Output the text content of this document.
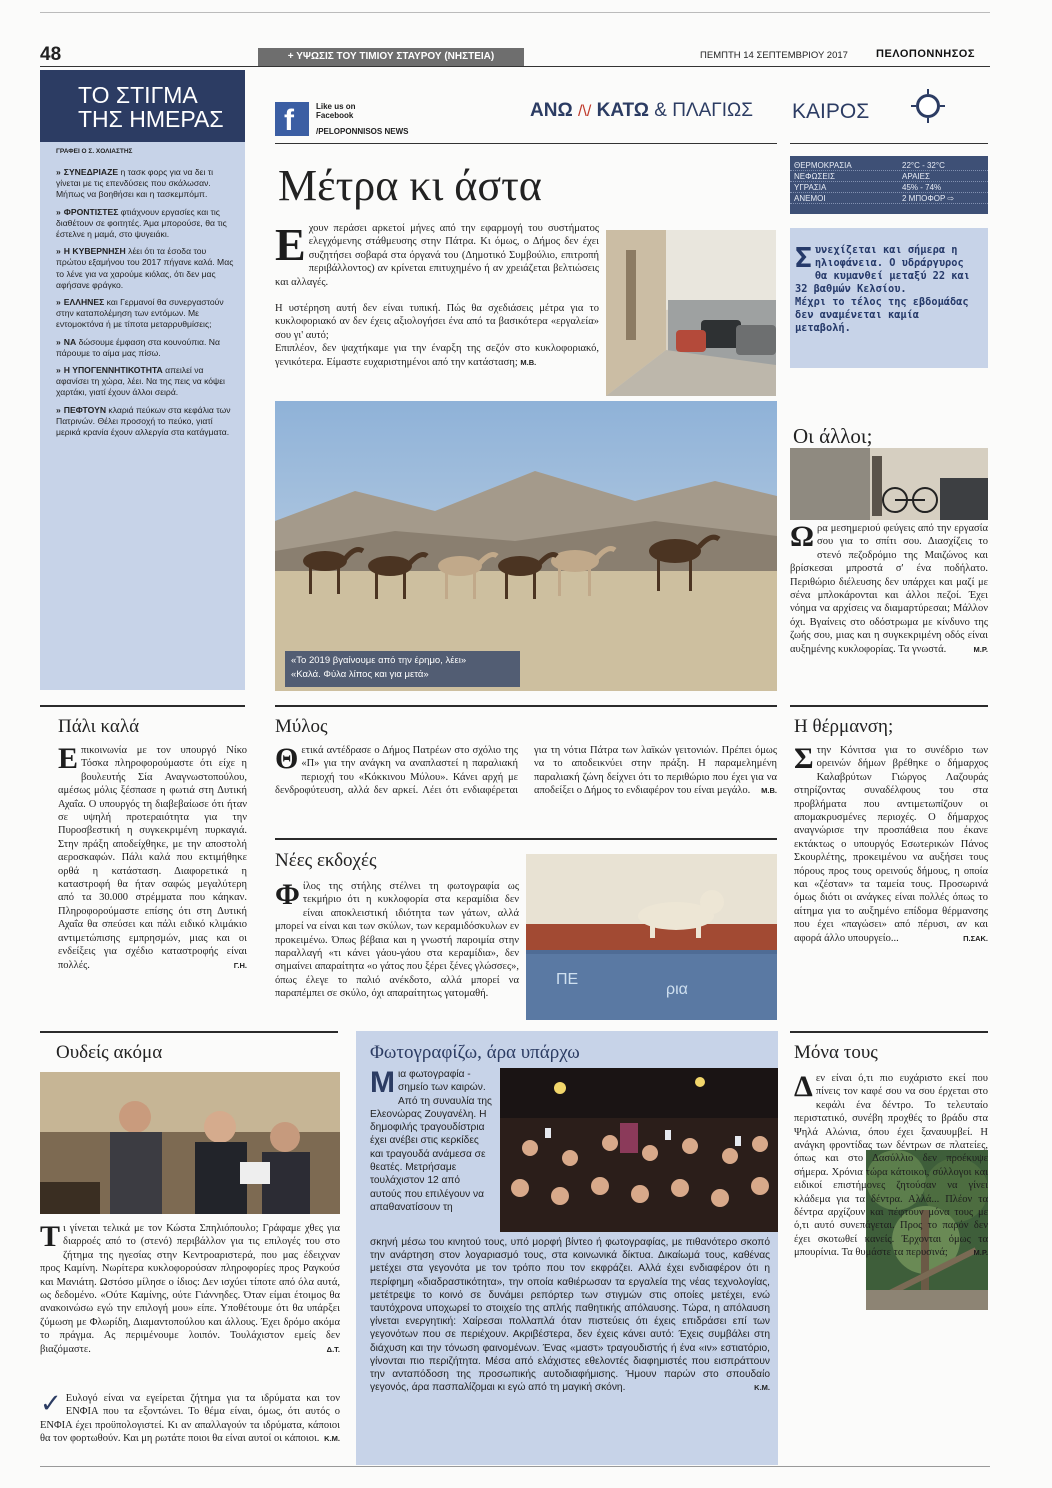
48	+ ΥΨΩΣΙΣ ΤΟΥ ΤΙΜΙΟΥ ΣΤΑΥΡΟΥ (ΝΗΣΤΕΙΑ)	ΠΕΜΠΤΗ 14 ΣΕΠΤΕΜΒΡΙΟΥ 2017	ΠΕΛΟΠΟΝΝΗΣΟΣ
ΤΟ ΣΤΙΓΜΑ
ΤΗΣ ΗΜΕΡΑΣ
ΓΡΑΦΕΙ Ο Σ. ΧΟΛΙΑΣΤΗΣ
» ΣΥΝΕΔΡΙΑΖΕ η τασκ φορς για να δει τι γίνεται με τις επενδύσεις που σκάλωσαν. Μήπως να βοηθήσει και η τασκεμπόμπ.
» ΦΡΟΝΤΙΣΤΕΣ φτιάχνουν εργασίες και τις διαθέτουν σε φοιτητές. Άμα μπορούσε, θα τις έστελνε η μαμά, στο ψυγειάκι.
» Η ΚΥΒΕΡΝΗΣΗ λέει ότι τα έσοδα του πρώτου εξαμήνου του 2017 πήγανε καλά. Μας το λένε για να χαρούμε κιόλας, ότι δεν μας αφήσανε φράγκο.
» ΕΛΛΗΝΕΣ και Γερμανοί θα συνεργαστούν στην καταπολέμηση των εντόμων. Με εντομοκτόνα ή με τίποτα μεταρρυθμίσεις;
» ΝΑ δώσουμε έμφαση στα κουνούπια. Να πάρουμε το αίμα μας πίσω.
» Η ΥΠΟΓΕΝΝΗΤΙΚΟΤΗΤΑ απειλεί να αφανίσει τη χώρα, λέει. Να της πεις να κόψει χαρτάκι, γιατί έχουν άλλοι σειρά.
» ΠΕΦΤΟΥΝ κλαριά πεύκων στα κεφάλια των Πατρινών. Θέλει προσοχή το πεύκο, γιατί μερικά κρανία έχουν αλλεργία στα κατάγματα.
f	Like us on
Facebook
/PELOPONNISOS NEWS
ΑΝΩ /\/ ΚΑΤΩ & ΠΛΑΓΙΩΣ
Μέτρα κι άστα
Εχουν περάσει αρκετοί μήνες από την εφαρμογή του συστήματος ελεγχόμενης στάθμευσης στην Πάτρα. Κι όμως, ο Δήμος δεν έχει συζητήσει σοβαρά στα όργανά του (Δημοτικό Συμβούλιο, επιτροπή περιβάλλοντος) αν κρίνεται επιτυχημένο ή αν χρειάζεται βελτιώσεις και αλλαγές.
Η υστέρηση αυτή δεν είναι τυπική. Πώς θα σχεδιάσεις μέτρα για το κυκλοφοριακό αν δεν έχεις αξιολογήσει ένα από τα βασικότερα «εργαλεία» σου γι' αυτό;
Επιπλέον, δεν ψαχτήκαμε για την έναρξη της σεζόν στο κυκλοφοριακό, γενικότερα. Είμαστε ευχαριστημένοι από την κατάσταση; Μ.Β.
«Το 2019 βγαίνουμε από την έρημο, λέει»
«Καλά. Φύλα λίπος και για μετά»
ΚΑΙΡΟΣ
ΘΕΡΜΟΚΡΑΣΙΑ	22°C - 32°C
ΝΕΦΩΣΕΙΣ	ΑΡΑΙΕΣ
ΥΓΡΑΣΙΑ	45% - 74%
ΑΝΕΜΟΙ	2 ΜΠΟΦΟΡ ⇨
Συνεχίζεται και σήμερα η ηλιοφάνεια. Ο υδράργυρος θα κυμανθεί μεταξύ 22 και 32 βαθμών Κελσίου.
Μέχρι το τέλος της εβδομάδας δεν αναμένεται καμία μεταβολή.
Οι άλλοι;
Ωρα μεσημεριού φεύγεις από την εργασία σου για το σπίτι σου. Διασχίζεις το στενό πεζοδρόμιο της Μαιζώνος και βρίσκεσαι μπροστά σ' ένα ποδήλατο. Περιθώριο διέλευσης δεν υπάρχει και μαζί με σένα μπλοκάρονται και άλλοι πεζοί. Έχει νόημα να αρχίσεις να διαμαρτύρεσαι; Μάλλον όχι. Βγαίνεις στο οδόστρωμα με κίνδυνο της ζωής σου, μιας και η συγκεκριμένη οδός είναι αυξημένης κυκλοφορίας. Τα γνωστά.	Μ.Ρ.
Πάλι καλά
Επικοινωνία με τον υπουργό Νίκο Τόσκα πληροφορούμαστε ότι είχε η βουλευτής Σία Αναγνωστοπούλου, αμέσως μόλις ξέσπασε η φωτιά στη Δυτική Αχαΐα. Ο υπουργός τη διαβεβαίωσε ότι ήταν σε υψηλή προτεραιότητα για την Πυροσβεστική η συγκεκριμένη πυρκαγιά. Στην πράξη αποδείχθηκε, με την αποστολή αεροσκαφών. Πάλι καλά που εκτιμήθηκε ορθά η κατάσταση. Διαφορετικά η καταστροφή θα ήταν σαφώς μεγαλύτερη από τα 30.000 στρέμματα που κάηκαν. Πληροφορούμαστε επίσης ότι στη Δυτική Αχαΐα θα σπεύσει και πάλι ειδικό κλιμάκιο αντιμετώπισης εμπρησμών, μιας και οι ενδείξεις για σχέδιο καταστροφής είναι πολλές.	Γ.Η.
Μύλος
Θετικά αντέδρασε ο Δήμος Πατρέων στο σχόλιο της «Π» για την ανάγκη να αναπλαστεί η παραλιακή περιοχή του «Κόκκινου Μύλου». Κάνει αρχή με δενδροφύτευση, αλλά δεν αρκεί. Λέει ότι ενδιαφέρεται για τη νότια Πάτρα των λαϊκών γειτονιών. Πρέπει όμως να το αποδεικνύει στην πράξη. Η παραμελημένη παραλιακή ζώνη δείχνει ότι το περιθώριο που έχει για να αποδείξει ο Δήμος το ενδιαφέρον του είναι μεγάλο. Μ.Β.
Νέες εκδοχές
Φίλος της στήλης στέλνει τη φωτογραφία ως τεκμήριο ότι η κυκλοφορία στα κεραμίδια δεν είναι αποκλειστική ιδιότητα των γάτων, αλλά μπορεί να είναι και των σκύλων, των κεραμιδόσκυλων εν προκειμένω. Όπως βέβαια και η γνωστή παροιμία στην παραλλαγή «τι κάνει γάου-γάου στα κεραμίδια», δεν σημαίνει απαραίτητα «ο γάτος που ξέρει ξένες γλώσσες», όπως έλεγε το παλιό ανέκδοτο, αλλά μπορεί να παραπέμπει σε σκύλο, όχι απαραίτητως γατομαθή.
ΠΕ
ρια
Η θέρμανση;
Στην Κόνιτσα για το συνέδριο των ορεινών δήμων βρέθηκε ο δήμαρχος Καλαβρύτων Γιώργος Λαζουράς στηρίζοντας συναδέλφους του στα προβλήματα που αντιμετωπίζουν οι απομακρυσμένες περιοχές. Ο δήμαρχος αναγνώρισε την προσπάθεια που έκανε εκτάκτως ο υπουργός Εσωτερικών Πάνος Σκουρλέτης, προκειμένου να αυξήσει τους πόρους προς τους ορεινούς δήμους, η οποία και «ζέσταν» τα ταμεία τους. Προσωρινά όμως διότι οι ανάγκες είναι πολλές όπως το αίτημα για το αυξημένο επίδομα θέρμανσης που έχει «παγώσει» από πέρυσι, αν και αφορά άλλο υπουργείο...	Π.ΣΑΚ.
Ουδείς ακόμα
Τι γίνεται τελικά με τον Κώστα Σπηλιόπουλο; Γράφαμε χθες για διαρροές από το (στενό) περιβάλλον για τις επιλογές του στο ζήτημα της ηγεσίας στην Κεντροαριστερά, που μας έδειχναν προς Καμίνη. Νωρίτερα κυκλοφορούσαν πληροφορίες προς Ραγκούσ και Μανιάτη. Ωστόσο μίλησε ο ίδιος: Δεν ισχύει τίποτε από όλα αυτά, ως δεδομένο. «Ούτε Καμίνης, ούτε Γιάννηδες. Όταν είμαι έτοιμος θα ανακοινώσω εγώ την επιλογή μου» είπε. Υποθέτουμε ότι θα υπάρξει ζύμωση με Φλωρίδη, Διαμαντοπούλου και άλλους. Έχει δρόμο ακόμα το πράγμα. Ας περιμένουμε λοιπόν. Τουλάχιστον εμείς δεν βιαζόμαστε.	Δ.Τ.
✓ Ευλογό είναι να εγείρεται ζήτημα για τα ιδρύματα και τον ΕΝΦΙΑ που τα εξοντώνει. Το θέμα είναι, όμως, ότι αυτός ο ΕΝΦΙΑ έχει προϋπολογιστεί. Κι αν απαλλαγούν τα ιδρύματα, κάποιοι θα τον φορτωθούν. Και μη ρωτάτε ποιοι θα είναι αυτοί οι κάποιοι. Κ.Μ.
Φωτογραφίζω, άρα υπάρχω
Μια φωτογραφία - σημείο των καιρών. Από τη συναυλία της Ελεονώρας Ζουγανέλη. Η δημοφιλής τραγουδίστρια έχει ανέβει στις κερκίδες και τραγουδά ανάμεσα σε θεατές. Μετρήσαμε τουλάχιστον 12 από αυτούς που επιλέγουν να απαθανατίσουν τη
Μόνα τους
Δεν είναι ό,τι πιο ευχάριστο εκεί που πίνεις τον καφέ σου να σου έρχεται στο κεφάλι ένα δέντρο. Το τελευταίο περιστατικό, συνέβη προχθές το βράδυ στα Ψηλά Αλώνια, όπου έχει ξαναυυμβεί. Η ανάγκη φροντίδας των δέντρων σε πλατείες, όπως και στο Δασύλλιο δεν προέκυψε σήμερα. Χρόνια τώρα κάτοικοι, σύλλογοι και ειδικοί επιστήμονες ζητούσαν να γίνει κλάδεμα για τα δέντρα. Αλλά... Πλέον τα δέντρα αρχίζουν και πέφτουν μόνα τους με ό,τι αυτό συνεπάγεται. Προς το παρόν δεν έχει σκοτωθεί κανείς. Έρχονται όμως τα μπουρίνια. Τα θυμάστε τα περυσινά;	Μ.Ρ.
σκηνή μέσω του κινητού τους, υπό μορφή βίντεο ή φωτογραφίας, με πιθανότερο σκοπό την ανάρτηση στον λογαριασμό τους, στα κοινωνικά δίκτυα. Δικαίωμά τους, καθένας μετέχει στα γεγονότα με τον τρόπο που τον εκφράζει. Αλλά έχει ενδιαφέρον ότι η περίφημη «διαδραστικότητα», την οποία καθιέρωσαν τα εργαλεία της νέας τεχνολογίας, μετέτρεψε το κοινό σε δυνάμει ρεπόρτερ των στιγμών στις οποίες μετέχει, ενώ ταυτόχρονα υποχωρεί το στοιχείο της απλής παθητικής απόλαυσης. Τώρα, η απόλαυση γίνεται ενεργητική: Χαίρεσαι πολλαπλά όταν πιστεύεις ότι έχεις επιδράσει επί των γεγονότων που σε περιέχουν. Ακριβέστερα, δεν έχεις κάνει αυτό: Έχεις συμβάλει στη διάχυση και την τόνωση φαινομένων. Ένας «μαστ» τραγουδιστής ή ένα «ιν» εστιατόριο, γίνονται πιο περιζήτητα. Μέσα από ελάχιστες εθελοντές διαφημιστές που εισπράττουν την ανταπόδοση της προσωπικής αυτοδιαφήμισης. Ήμουν παρών στο σπουδαίο γεγονός, άρα πασπαλίζομαι κι εγώ από τη μαγική σκόνη.	Κ.Μ.
